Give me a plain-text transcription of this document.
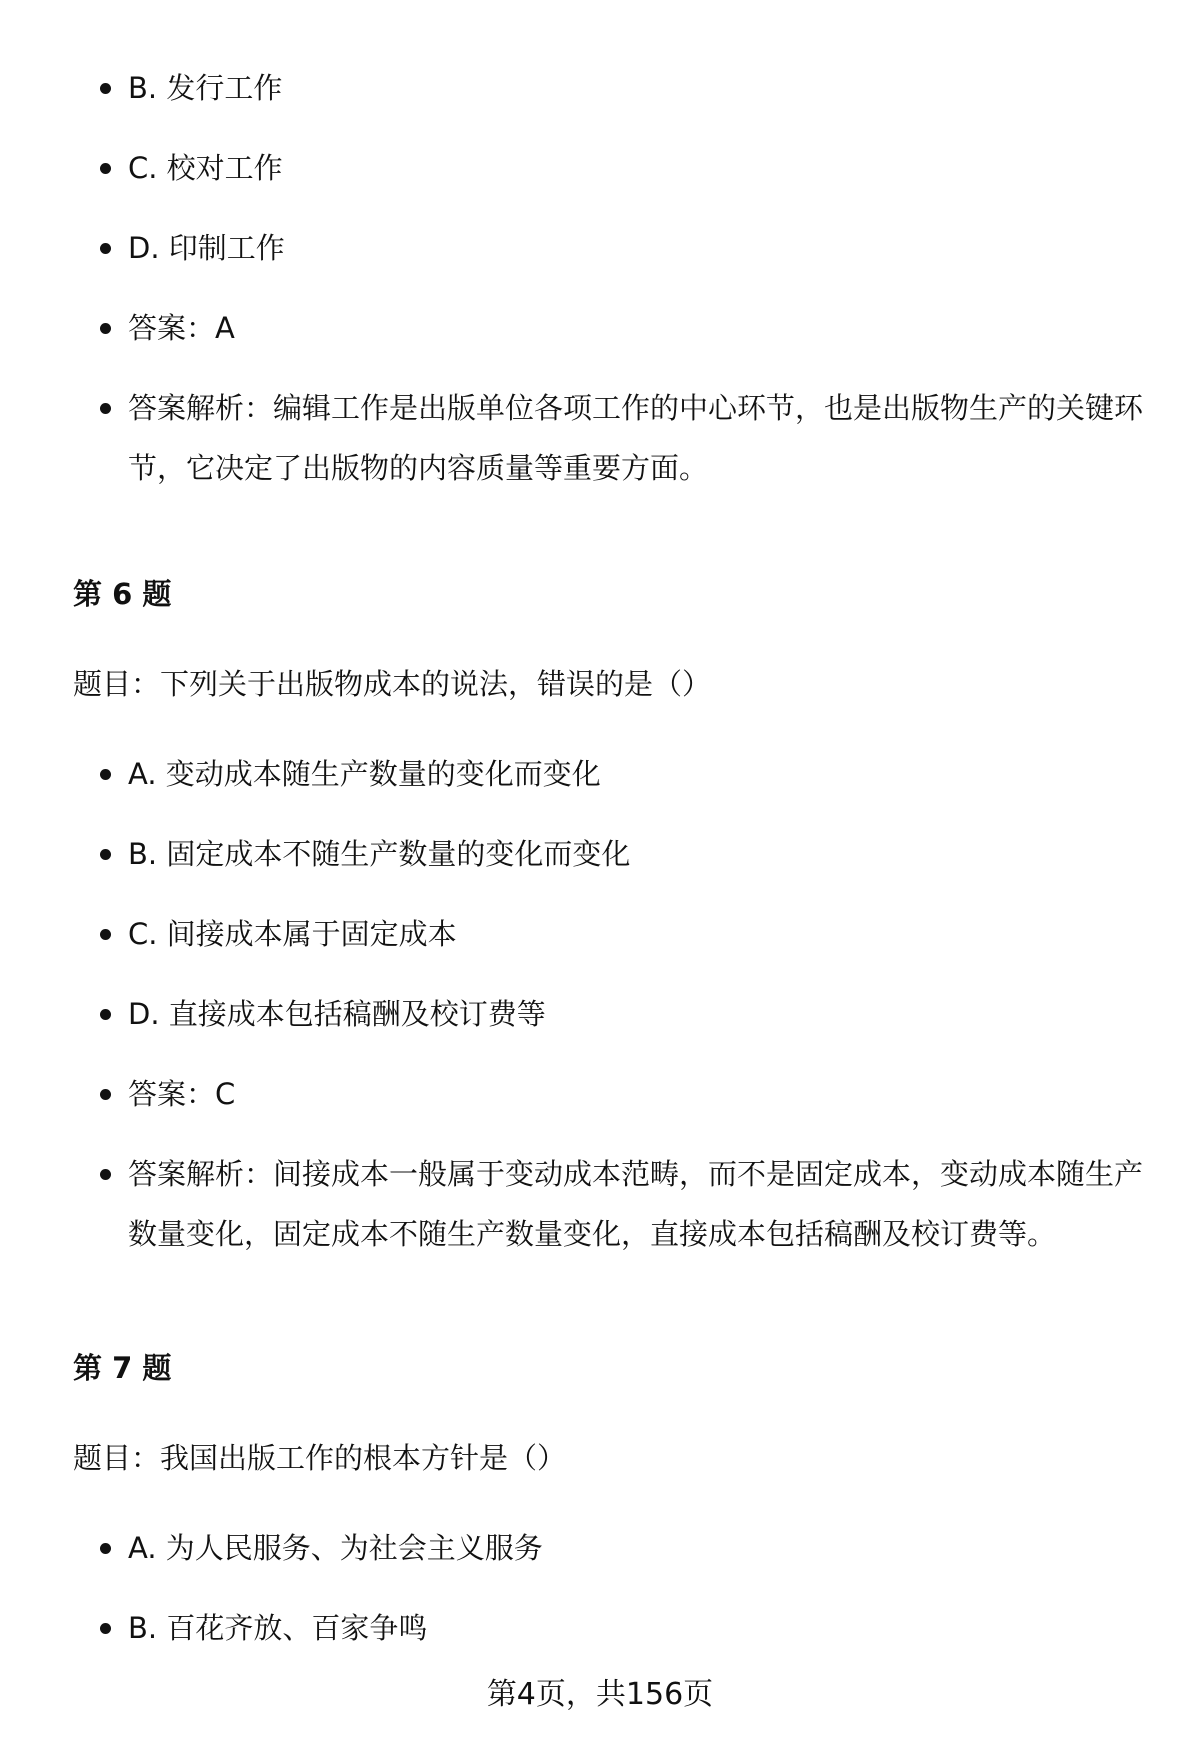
B. 发行工作
C. 校对工作
D. 印制工作
答案：A
答案解析：编辑工作是出版单位各项工作的中心环节，也是出版物生产的关键环节，它决定了出版物的内容质量等重要方面。
第 6 题
题目：下列关于出版物成本的说法，错误的是（）
A. 变动成本随生产数量的变化而变化
B. 固定成本不随生产数量的变化而变化
C. 间接成本属于固定成本
D. 直接成本包括稿酬及校订费等
答案：C
答案解析：间接成本一般属于变动成本范畴，而不是固定成本，变动成本随生产数量变化，固定成本不随生产数量变化，直接成本包括稿酬及校订费等。
第 7 题
题目：我国出版工作的根本方针是（）
A. 为人民服务、为社会主义服务
B. 百花齐放、百家争鸣
第4页，共156页
